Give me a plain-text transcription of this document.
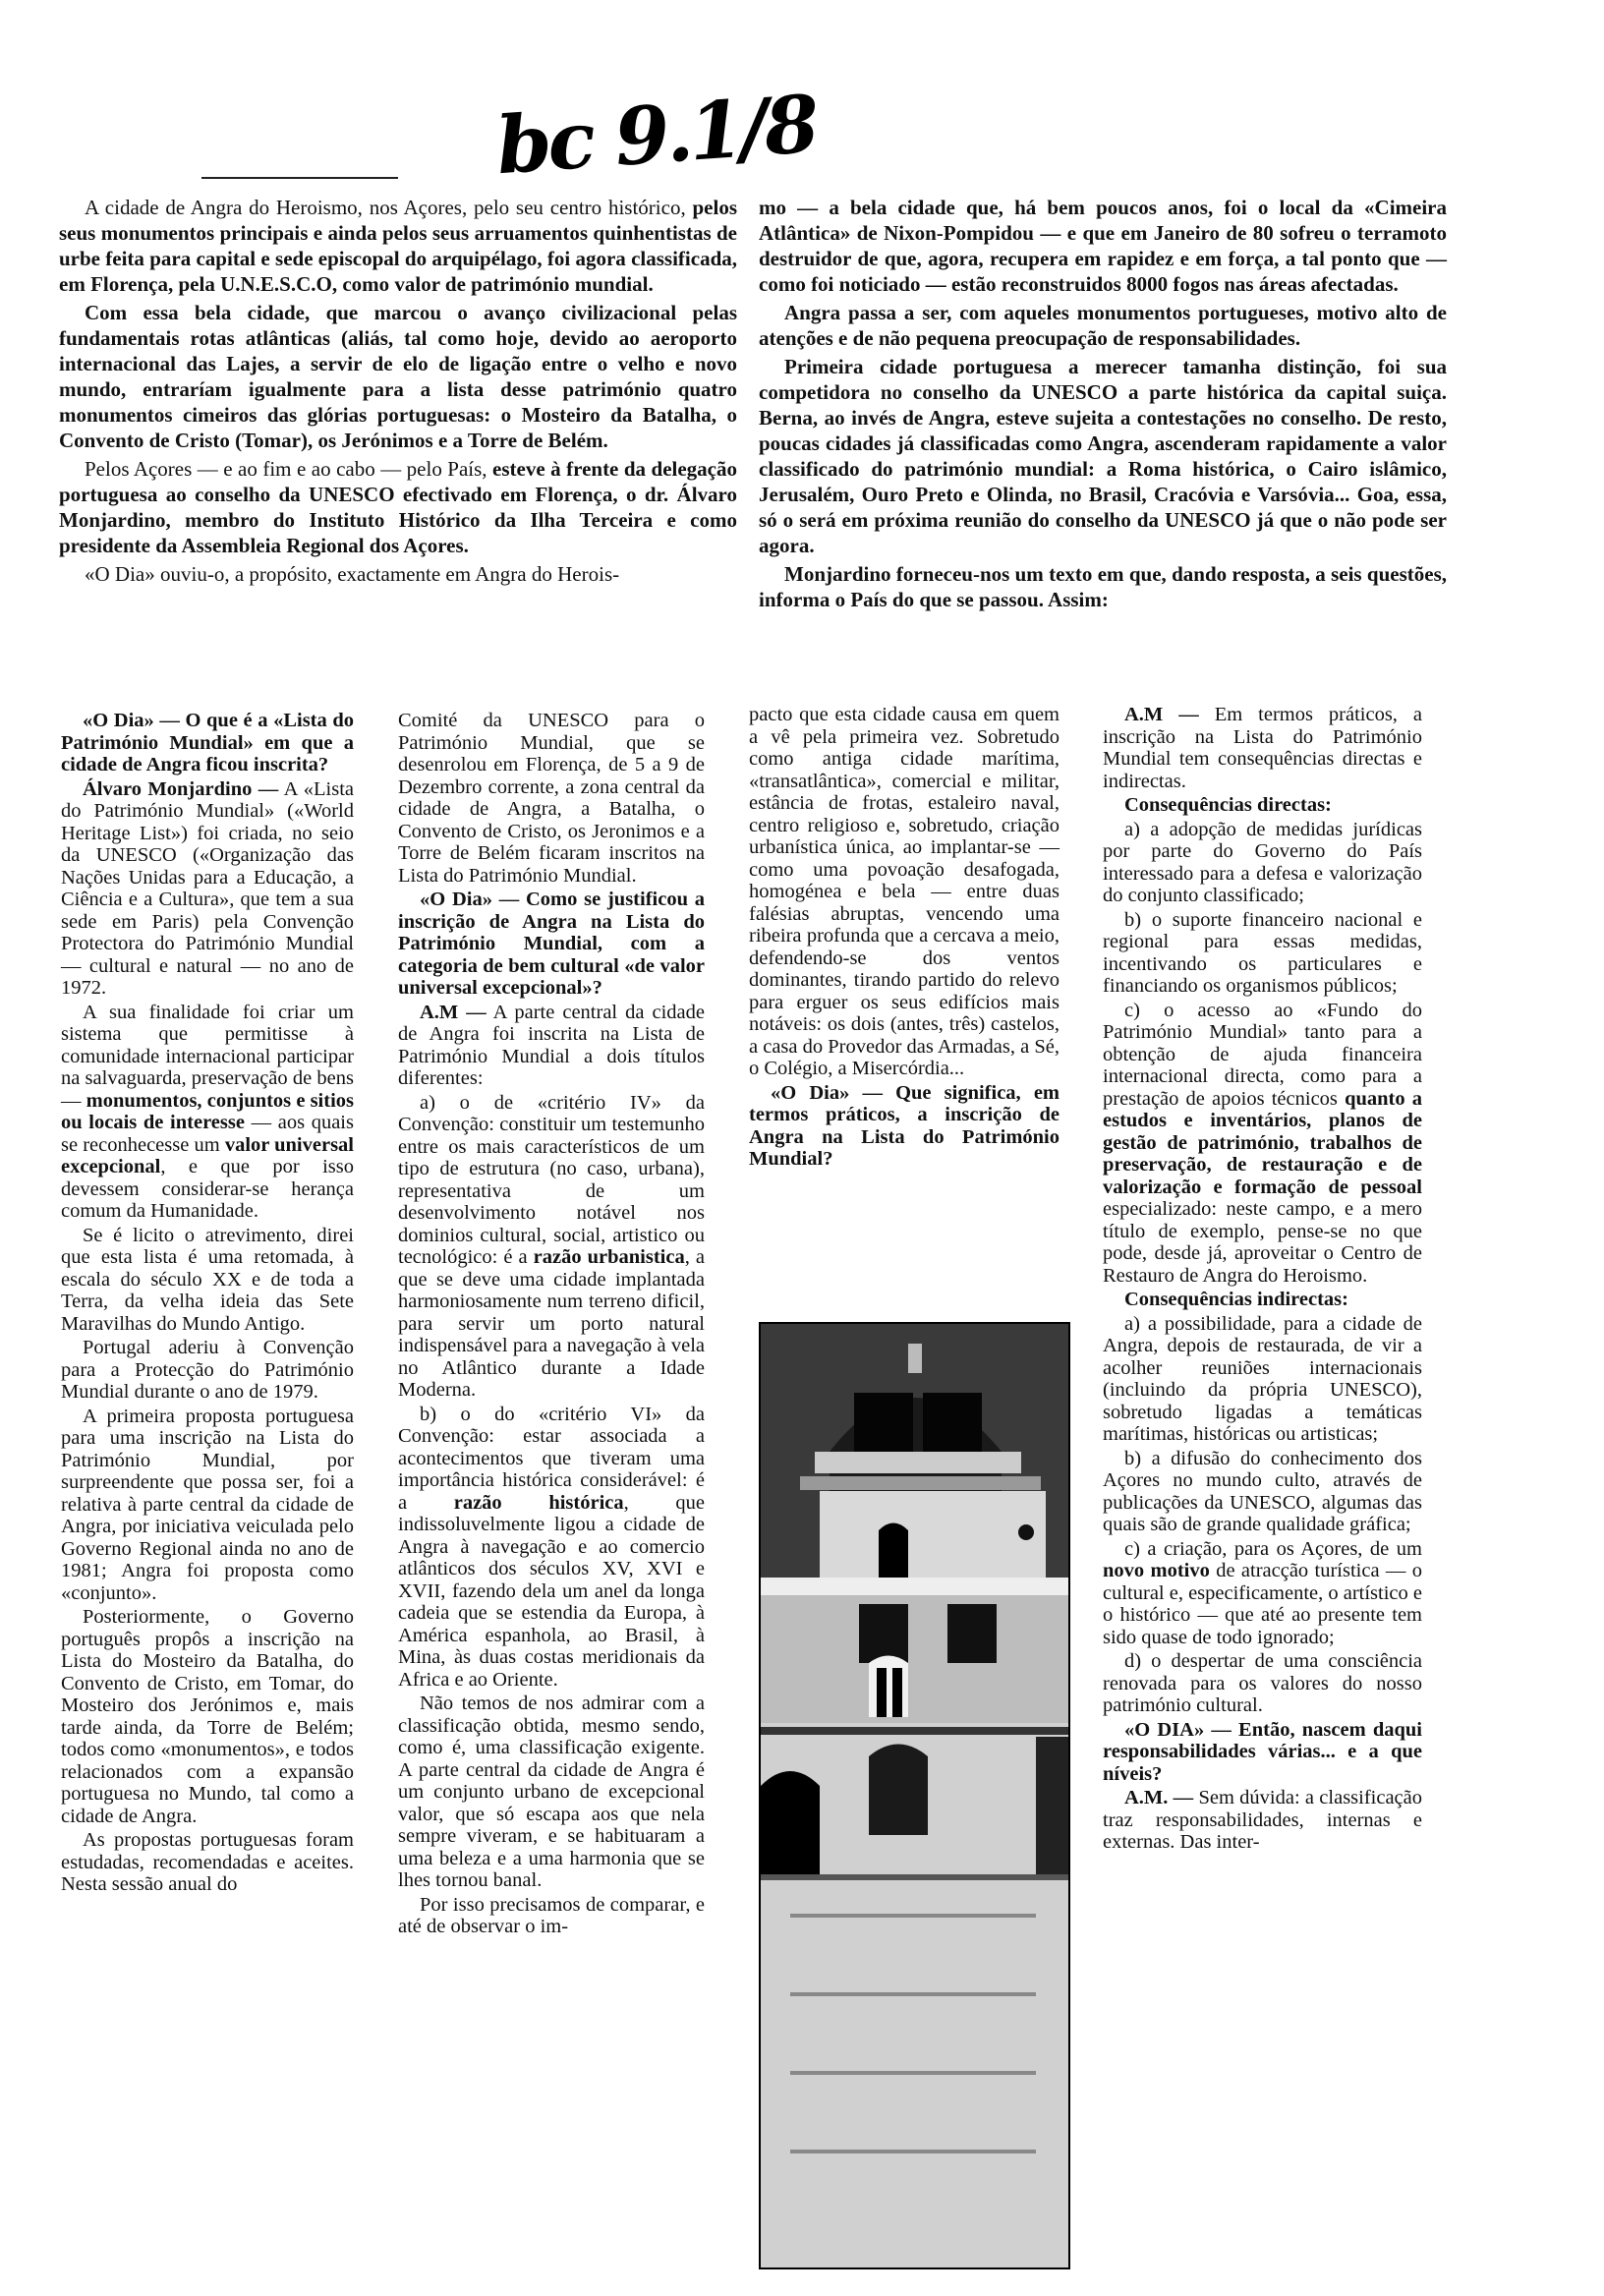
bc 9.1/8

A cidade de Angra do Heroismo, nos Açores, pelo seu centro histórico, pelos seus monumentos principais e ainda pelos seus arruamentos quinhentistas de urbe feita para capital e sede episcopal do arquipélago, foi agora classificada, em Florença, pela U.N.E.S.C.O, como valor de património mundial.

Com essa bela cidade, que marcou o avanço civilizacional pelas fundamentais rotas atlânticas (aliás, tal como hoje, devido ao aeroporto internacional das Lajes, a servir de elo de ligação entre o velho e novo mundo, entraríam igualmente para a lista desse património quatro monumentos cimeiros das glórias portuguesas: o Mosteiro da Batalha, o Convento de Cristo (Tomar), os Jerónimos e a Torre de Belém.

Pelos Açores — e ao fim e ao cabo — pelo País, esteve à frente da delegação portuguesa ao conselho da UNESCO efectivado em Florença, o dr. Álvaro Monjardino, membro do Instituto Histórico da Ilha Terceira e como presidente da Assembleia Regional dos Açores.

«O Dia» ouviu-o, a propósito, exactamente em Angra do Herois-

mo — a bela cidade que, há bem poucos anos, foi o local da «Cimeira Atlântica» de Nixon-Pompidou — e que em Janeiro de 80 sofreu o terramoto destruidor de que, agora, recupera em rapidez e em força, a tal ponto que — como foi noticiado — estão reconstruidos 8000 fogos nas áreas afectadas.

Angra passa a ser, com aqueles monumentos portugueses, motivo alto de atenções e de não pequena preocupação de responsabilidades.

Primeira cidade portuguesa a merecer tamanha distinção, foi sua competidora no conselho da UNESCO a parte histórica da capital suiça. Berna, ao invés de Angra, esteve sujeita a contestações no conselho. De resto, poucas cidades já classificadas como Angra, ascenderam rapidamente a valor classificado do património mundial: a Roma histórica, o Cairo islâmico, Jerusalém, Ouro Preto e Olinda, no Brasil, Cracóvia e Varsóvia... Goa, essa, só o será em próxima reunião do conselho da UNESCO já que o não pode ser agora.

Monjardino forneceu-nos um texto em que, dando resposta, a seis questões, informa o País do que se passou. Assim:

«O Dia» — O que é a «Lista do Património Mundial» em que a cidade de Angra ficou inscrita?

Álvaro Monjardino — A «Lista do Património Mundial» («World Heritage List») foi criada, no seio da UNESCO («Organização das Nações Unidas para a Educação, a Ciência e a Cultura», que tem a sua sede em Paris) pela Convenção Protectora do Património Mundial — cultural e natural — no ano de 1972.

A sua finalidade foi criar um sistema que permitisse à comunidade internacional participar na salvaguarda, preservação de bens — monumentos, conjuntos e sitios ou locais de interesse — aos quais se reconhecesse um valor universal excepcional, e que por isso devessem considerar-se herança comum da Humanidade.

Se é licito o atrevimento, direi que esta lista é uma retomada, à escala do século XX e de toda a Terra, da velha ideia das Sete Maravilhas do Mundo Antigo.

Portugal aderiu à Convenção para a Protecção do Património Mundial durante o ano de 1979.

A primeira proposta portuguesa para uma inscrição na Lista do Património Mundial, por surpreendente que possa ser, foi a relativa à parte central da cidade de Angra, por iniciativa veiculada pelo Governo Regional ainda no ano de 1981; Angra foi proposta como «conjunto».

Posteriormente, o Governo português propôs a inscrição na Lista do Mosteiro da Batalha, do Convento de Cristo, em Tomar, do Mosteiro dos Jerónimos e, mais tarde ainda, da Torre de Belém; todos como «monumentos», e todos relacionados com a expansão portuguesa no Mundo, tal como a cidade de Angra.

As propostas portuguesas foram estudadas, recomendadas e aceites. Nesta sessão anual do

Comité da UNESCO para o Património Mundial, que se desenrolou em Florença, de 5 a 9 de Dezembro corrente, a zona central da cidade de Angra, a Batalha, o Convento de Cristo, os Jeronimos e a Torre de Belém ficaram inscritos na Lista do Património Mundial.

«O Dia» — Como se justificou a inscrição de Angra na Lista do Património Mundial, com a categoria de bem cultural «de valor universal excepcional»?

A.M — A parte central da cidade de Angra foi inscrita na Lista de Património Mundial a dois títulos diferentes:

a) o de «critério IV» da Convenção: constituir um testemunho entre os mais característicos de um tipo de estrutura (no caso, urbana), representativa de um desenvolvimento notável nos dominios cultural, social, artistico ou tecnológico: é a razão urbanistica, a que se deve uma cidade implantada harmoniosamente num terreno dificil, para servir um porto natural indispensável para a navegação à vela no Atlântico durante a Idade Moderna.

b) o do «critério VI» da Convenção: estar associada a acontecimentos que tiveram uma importância histórica considerável: é a razão histórica, que indissoluvelmente ligou a cidade de Angra à navegação e ao comercio atlânticos dos séculos XV, XVI e XVII, fazendo dela um anel da longa cadeia que se estendia da Europa, à América espanhola, ao Brasil, à Mina, às duas costas meridionais da Africa e ao Oriente.

Não temos de nos admirar com a classificação obtida, mesmo sendo, como é, uma classificação exigente. A parte central da cidade de Angra é um conjunto urbano de excepcional valor, que só escapa aos que nela sempre viveram, e se habituaram a uma beleza e a uma harmonia que se lhes tornou banal.

Por isso precisamos de comparar, e até de observar o im-

pacto que esta cidade causa em quem a vê pela primeira vez. Sobretudo como antiga cidade marítima, «transatlântica», comercial e militar, estância de frotas, estaleiro naval, centro religioso e, sobretudo, criação urbanística única, ao implantar-se — como uma povoação desafogada, homogénea e bela — entre duas falésias abruptas, vencendo uma ribeira profunda que a cercava a meio, defendendo-se dos ventos dominantes, tirando partido do relevo para erguer os seus edifícios mais notáveis: os dois (antes, três) castelos, a casa do Provedor das Armadas, a Sé, o Colégio, a Misercórdia...

«O Dia» — Que significa, em termos práticos, a inscrição de Angra na Lista do Património Mundial?

A.M — Em termos práticos, a inscrição na Lista do Património Mundial tem consequências directas e indirectas.

Consequências directas:

a) a adopção de medidas jurídicas por parte do Governo do País interessado para a defesa e valorização do conjunto classificado;

b) o suporte financeiro nacional e regional para essas medidas, incentivando os particulares e financiando os organismos públicos;

c) o acesso ao «Fundo do Património Mundial» tanto para a obtenção de ajuda financeira internacional directa, como para a prestação de apoios técnicos quanto a estudos e inventários, planos de gestão de património, trabalhos de preservação, de restauração e de valorização e formação de pessoal especializado: neste campo, e a mero título de exemplo, pense-se no que pode, desde já, aproveitar o Centro de Restauro de Angra do Heroismo.

Consequências indirectas:

a) a possibilidade, para a cidade de Angra, depois de restaurada, de vir a acolher reuniões internacionais (incluindo da própria UNESCO), sobretudo ligadas a temáticas marítimas, históricas ou artisticas;

b) a difusão do conhecimento dos Açores no mundo culto, através de publicações da UNESCO, algumas das quais são de grande qualidade gráfica;

c) a criação, para os Açores, de um novo motivo de atracção turística — o cultural e, especificamente, o artístico e o histórico — que até ao presente tem sido quase de todo ignorado;

d) o despertar de uma consciência renovada para os valores do nosso património cultural.

«O DIA» — Então, nascem daqui responsabilidades várias... e a que níveis?

A.M. — Sem dúvida: a classificação traz responsabilidades, internas e externas. Das inter-
